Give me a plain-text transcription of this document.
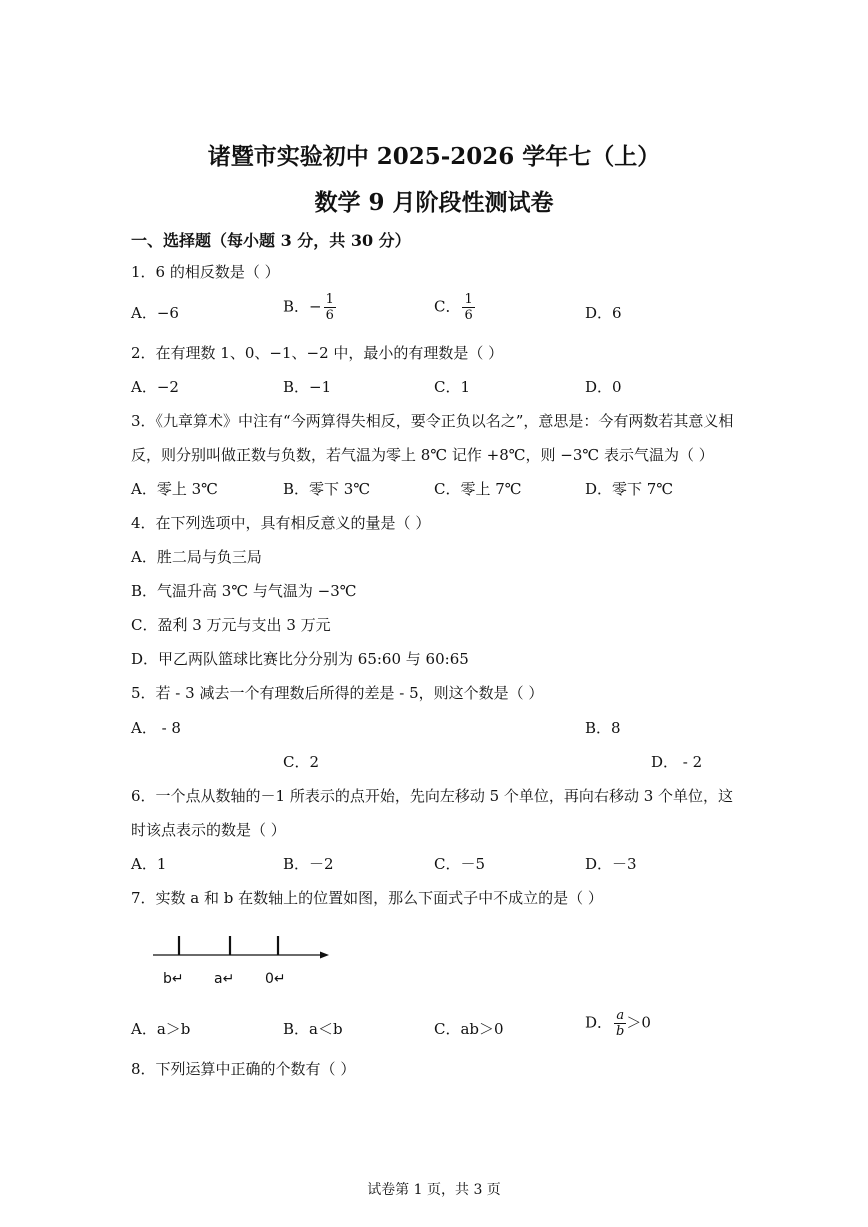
诸暨市实验初中 2025-2026 学年七（上）
数学 9 月阶段性测试卷
一、选择题（每小题 3 分，共 30 分）
1．6 的相反数是（ ）
A．−6	B．− $\frac{1}{6}$	C． $\frac{1}{6}$	D．6
2．在有理数 1、0、−1、−2 中，最小的有理数是（ ）
A．−2	B．−1	C．1	D．0
3．《九章算术》中注有“今两算得失相反，要令正负以名之”，意思是：今有两数若其意义相
反，则分别叫做正数与负数，若气温为零上 8℃ 记作 +8℃，则 −3℃ 表示气温为（ ）
A．零上 3℃	B．零下 3℃	C．零上 7℃	D．零下 7℃
4．在下列选项中，具有相反意义的量是（ ）
A．胜二局与负三局
B．气温升高 3℃ 与气温为 −3℃
C．盈利 3 万元与支出 3 万元
D．甲乙两队篮球比赛比分分别为 65:60 与 60:65
5．若 - 3 减去一个有理数后所得的差是 - 5，则这个数是（ ）
A． - 8	B．8
C．2	D． - 2
6．一个点从数轴的－1 所表示的点开始，先向左移动 5 个单位，再向右移动 3 个单位，这
时该点表示的数是（ ）
A．1	B．－2	C．－5	D．－3
7．实数 a 和 b 在数轴上的位置如图，那么下面式子中不成立的是（ ）
b↵ a↵ 0↵
A．a＞b	B．a＜b	C．ab＞0	D． $\frac{a}{b} >0$
8．下列运算中正确的个数有（ ）
试卷第 1 页，共 3 页
